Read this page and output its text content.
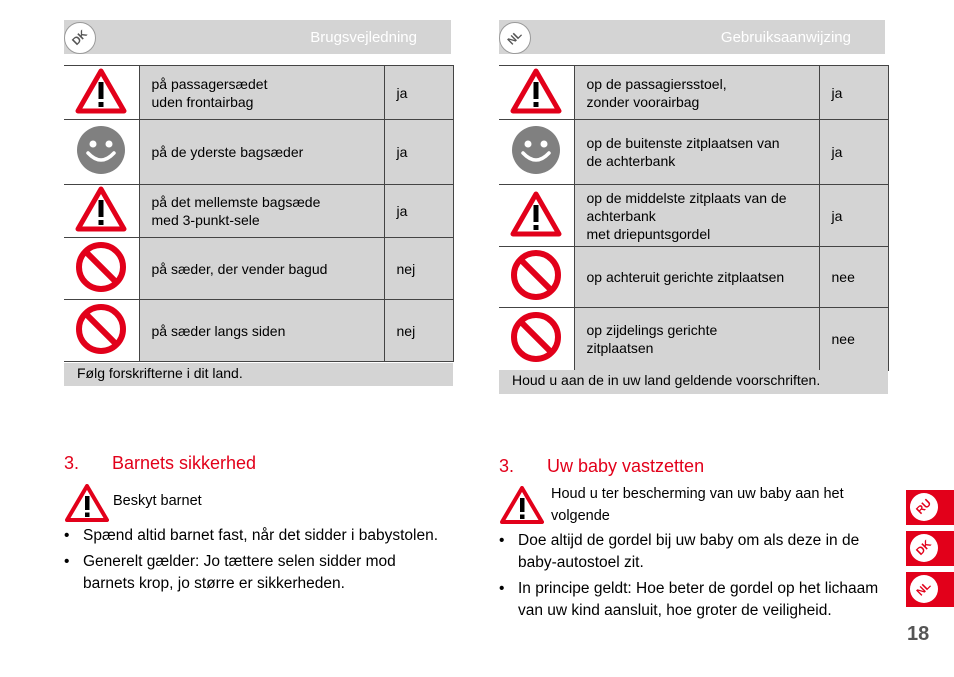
DK	Brugsvejledning
	på passagersædet
uden frontairbag	ja
	på de yderste bagsæder	ja
	på det mellemste bagsæde
med 3-punkt-sele	ja
	på sæder, der vender bagud	nej
	på sæder langs siden	nej
Følg forskrifterne i dit land.
3. Barnets sikkerhed
Beskyt barnet
• Spænd altid barnet fast, når det sidder i babystolen.
• Generelt gælder: Jo tættere selen sidder mod barnets krop, jo større er sikkerheden.
NL	Gebruiksaanwijzing
	op de passagiersstoel,
zonder voorairbag	ja
	op de buitenste zitplaatsen van
de achterbank	ja
	op de middelste zitplaats van de
achterbank
met driepuntsgordel	ja
	op achteruit gerichte zitplaatsen	nee
	op zijdelings gerichte
zitplaatsen	nee
Houd u aan de in uw land geldende voorschriften.
3. Uw baby vastzetten
Houd u ter bescherming van uw baby aan het volgende
• Doe altijd de gordel bij uw baby om als deze in de baby-autostoel zit.
• In principe geldt: Hoe beter de gordel op het lichaam van uw kind aansluit, hoe groter de veiligheid.
RU
DK
NL
18
